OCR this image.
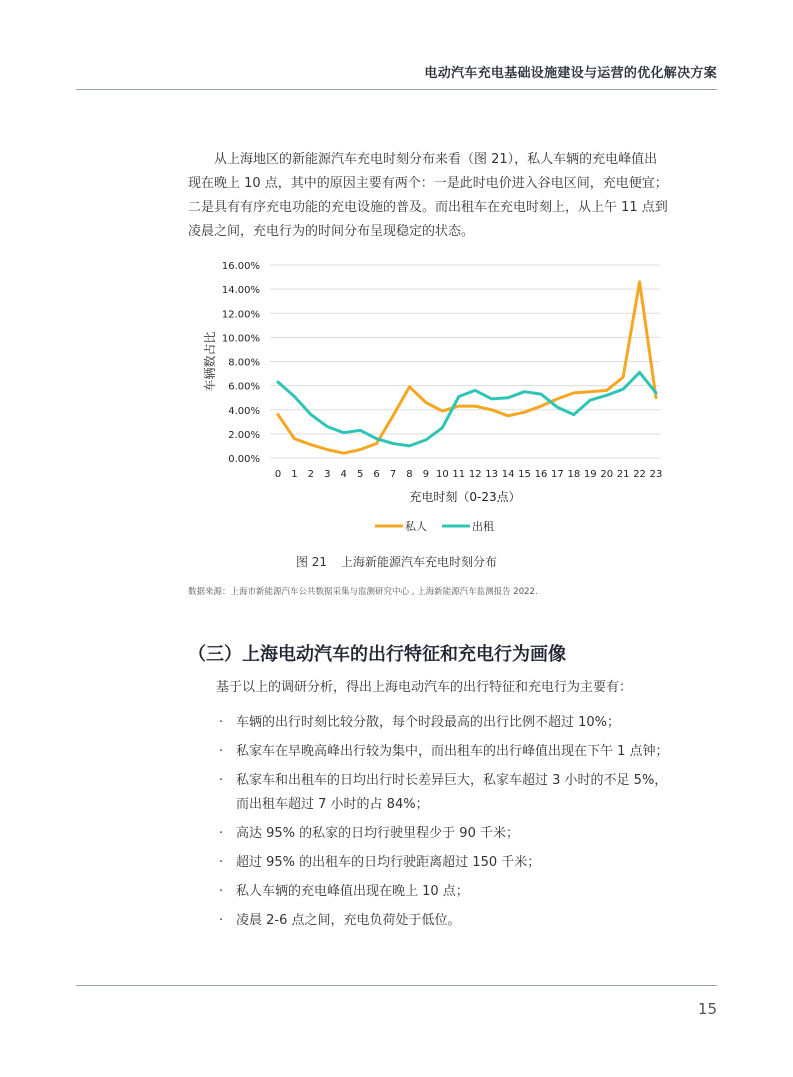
电动汽车充电基础设施建设与运营的优化解决方案
从上海地区的新能源汽车充电时刻分布来看（图 21），私人车辆的充电峰值出
现在晚上 10 点，其中的原因主要有两个：一是此时电价进入谷电区间，充电便宜；
二是具有有序充电功能的充电设施的普及。而出租车在充电时刻上，从上午 11 点到
凌晨之间，充电行为的时间分布呈现稳定的状态。
16.00%
14.00%
12.00%
10.00%
8.00%
6.00%
4.00%
2.00%
0.00%
0 1 2 3 4 5 6 7 8 9 10 11 12 13 14 15 16 17 18 19 20 21 22 23
充电时刻（0-23点）
车辆数占比
私人	出租
图 21 上海新能源汽车充电时刻分布
数据来源：上海市新能源汽车公共数据采集与监测研究中心 , 上海新能源汽车监测报告 2022.
（三）上海电动汽车的出行特征和充电行为画像
基于以上的调研分析，得出上海电动汽车的出行特征和充电行为主要有：
· 车辆的出行时刻比较分散，每个时段最高的出行比例不超过 10%；
· 私家车在早晚高峰出行较为集中，而出租车的出行峰值出现在下午 1 点钟；
· 私家车和出租车的日均出行时长差异巨大，私家车超过 3 小时的不足 5%，
而出租车超过 7 小时的占 84%；
· 高达 95% 的私家的日均行驶里程少于 90 千米；
· 超过 95% 的出租车的日均行驶距离超过 150 千米；
· 私人车辆的充电峰值出现在晚上 10 点；
· 凌晨 2-6 点之间，充电负荷处于低位。
15
